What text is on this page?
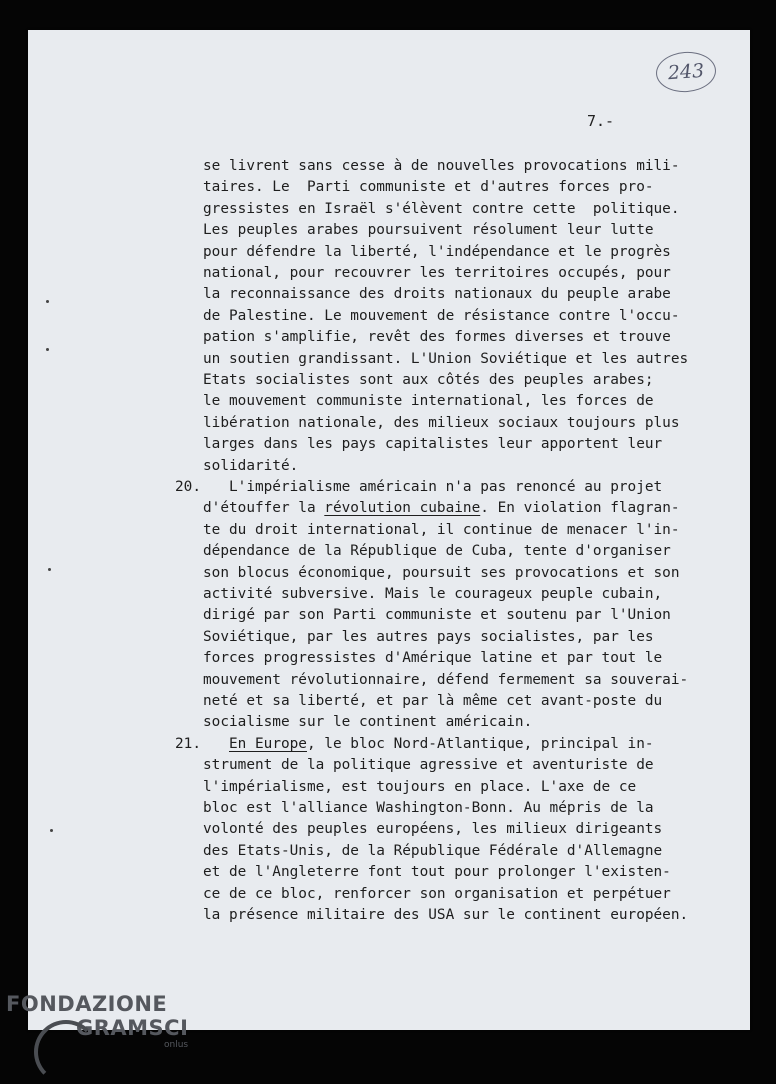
243
7.-
se livrent sans cesse à de nouvelles provocations mili-
taires. Le  Parti communiste et d'autres forces pro-
gressistes en Israël s'élèvent contre cette  politique.
Les peuples arabes poursuivent résolument leur lutte
pour défendre la liberté, l'indépendance et le progrès
national, pour recouvrer les territoires occupés, pour
la reconnaissance des droits nationaux du peuple arabe
de Palestine. Le mouvement de résistance contre l'occu-
pation s'amplifie, revêt des formes diverses et trouve
un soutien grandissant. L'Union Soviétique et les autres
Etats socialistes sont aux côtés des peuples arabes;
le mouvement communiste international, les forces de
libération nationale, des milieux sociaux toujours plus
larges dans les pays capitalistes leur apportent leur
solidarité.
20. L'impérialisme américain n'a pas renoncé au projet
d'étouffer la révolution cubaine. En violation flagran-
te du droit international, il continue de menacer l'in-
dépendance de la République de Cuba, tente d'organiser
son blocus économique, poursuit ses provocations et son
activité subversive. Mais le courageux peuple cubain,
dirigé par son Parti communiste et soutenu par l'Union
Soviétique, par les autres pays socialistes, par les
forces progressistes d'Amérique latine et par tout le
mouvement révolutionnaire, défend fermement sa souverai-
neté et sa liberté, et par là même cet avant-poste du
socialisme sur le continent américain.
21.	En Europe, le bloc Nord-Atlantique, principal in-
strument de la politique agressive et aventuriste de
l'impérialisme, est toujours en place. L'axe de ce
bloc est l'alliance Washington-Bonn. Au mépris de la
volonté des peuples européens, les milieux dirigeants
des Etats-Unis, de la République Fédérale d'Allemagne
et de l'Angleterre font tout pour prolonger l'existen-
ce de ce bloc, renforcer son organisation et perpétuer
la présence militaire des USA sur le continent européen.
FONDAZIONE
GRAMSCI
onlus
